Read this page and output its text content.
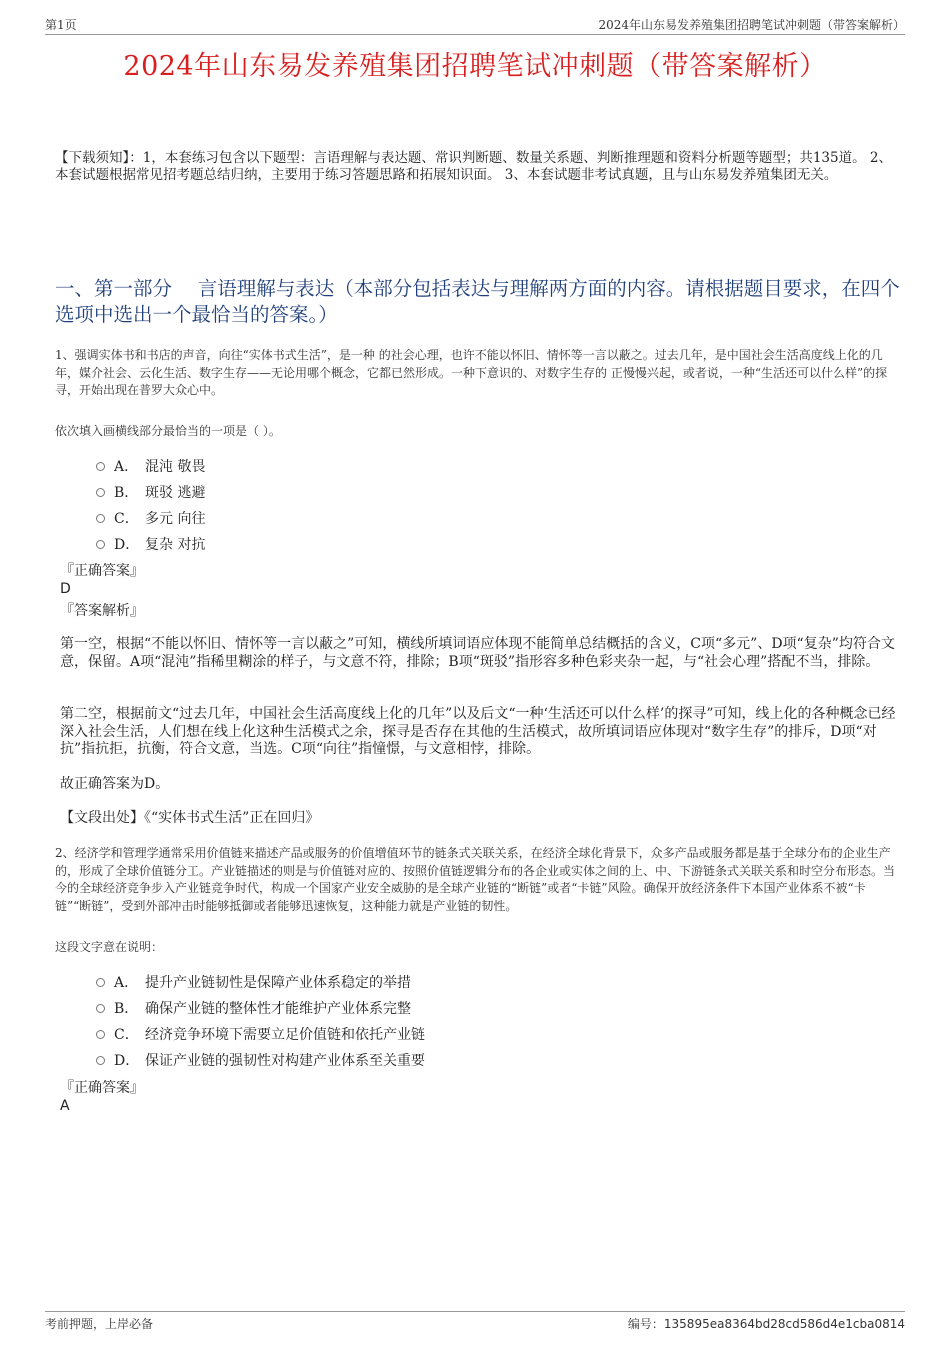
第1页	2024年山东易发养殖集团招聘笔试冲刺题（带答案解析）
2024年山东易发养殖集团招聘笔试冲刺题（带答案解析）
【下载须知】：1，本套练习包含以下题型：言语理解与表达题、常识判断题、数量关系题、判断推理题和资料分析题等题型；共135道。 2、本套试题根据常见招考题总结归纳，主要用于练习答题思路和拓展知识面。 3、本套试题非考试真题，且与山东易发养殖集团无关。
一、第一部分　 言语理解与表达（本部分包括表达与理解两方面的内容。请根据题目要求，在四个选项中选出一个最恰当的答案。）
1、强调实体书和书店的声音，向往“实体书式生活”，是一种 的社会心理，也许不能以怀旧、情怀等一言以蔽之。过去几年，是中国社会生活高度线上化的几年，媒介社会、云化生活、数字生存——无论用哪个概念，它都已然形成。一种下意识的、对数字生存的 正慢慢兴起，或者说，一种“生活还可以什么样”的探寻，开始出现在普罗大众心中。
依次填入画横线部分最恰当的一项是（ ）。
A． 混沌 敬畏
B． 斑驳 逃避
C． 多元 向往
D． 复杂 对抗
『正确答案』
D
『答案解析』
第一空，根据“不能以怀旧、情怀等一言以蔽之”可知，横线所填词语应体现不能简单总结概括的含义，C项“多元”、D项“复杂”均符合文意，保留。A项“混沌”指稀里糊涂的样子，与文意不符，排除；B项“斑驳”指形容多种色彩夹杂一起，与“社会心理”搭配不当，排除。
第二空，根据前文“过去几年，中国社会生活高度线上化的几年”以及后文“一种‘生活还可以什么样’的探寻”可知，线上化的各种概念已经深入社会生活，人们想在线上化这种生活模式之余，探寻是否存在其他的生活模式，故所填词语应体现对“数字生存”的排斥，D项“对抗”指抗拒，抗衡，符合文意，当选。C项“向往”指憧憬，与文意相悖，排除。
故正确答案为D。
【文段出处】《“实体书式生活”正在回归》
2、经济学和管理学通常采用价值链来描述产品或服务的价值增值环节的链条式关联关系，在经济全球化背景下，众多产品或服务都是基于全球分布的企业生产的，形成了全球价值链分工。产业链描述的则是与价值链对应的、按照价值链逻辑分布的各企业或实体之间的上、中、下游链条式关联关系和时空分布形态。当今的全球经济竞争步入产业链竞争时代，构成一个国家产业安全威胁的是全球产业链的“断链”或者“卡链”风险。确保开放经济条件下本国产业体系不被“卡链”“断链”，受到外部冲击时能够抵御或者能够迅速恢复，这种能力就是产业链的韧性。
这段文字意在说明：
A． 提升产业链韧性是保障产业体系稳定的举措
B． 确保产业链的整体性才能维护产业体系完整
C． 经济竞争环境下需要立足价值链和依托产业链
D． 保证产业链的强韧性对构建产业体系至关重要
『正确答案』
A
考前押题，上岸必备	编号：135895ea8364bd28cd586d4e1cba0814
